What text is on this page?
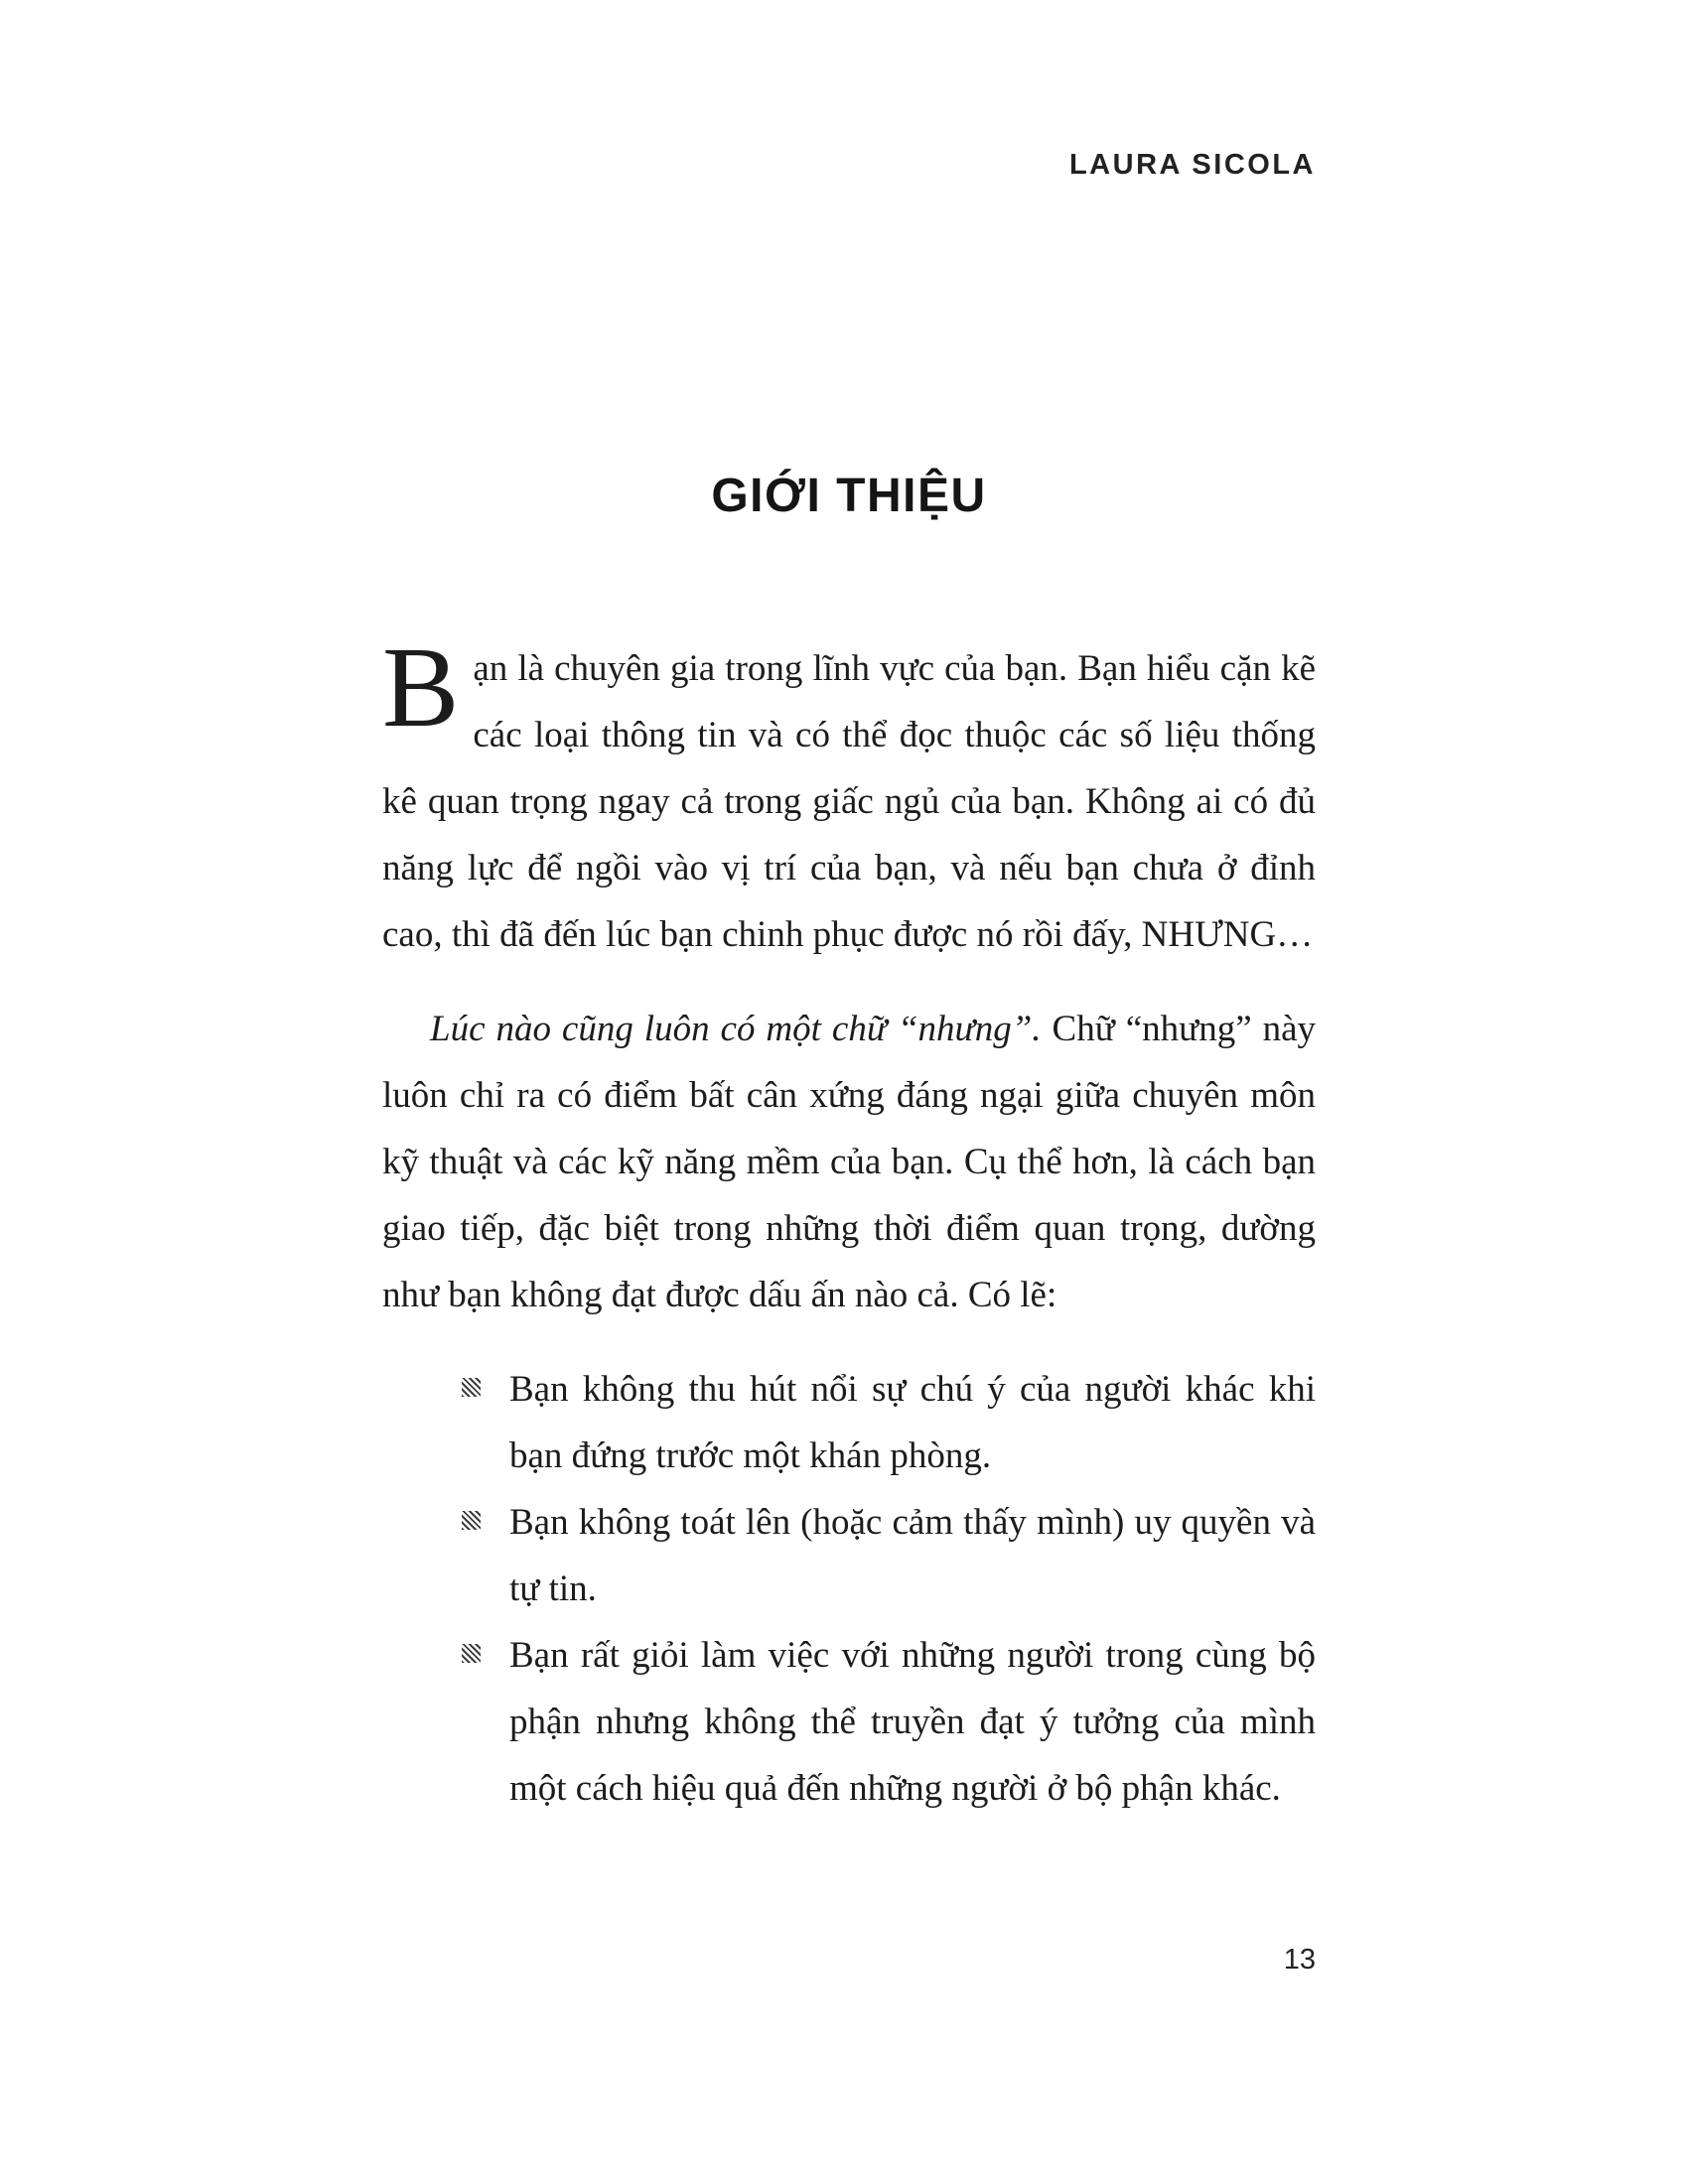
LAURA SICOLA
GIỚI THIỆU

Bạn là chuyên gia trong lĩnh vực của bạn. Bạn hiểu cặn kẽ các loại thông tin và có thể đọc thuộc các số liệu thống kê quan trọng ngay cả trong giấc ngủ của bạn. Không ai có đủ năng lực để ngồi vào vị trí của bạn, và nếu bạn chưa ở đỉnh cao, thì đã đến lúc bạn chinh phục được nó rồi đấy, NHƯNG…

Lúc nào cũng luôn có một chữ “nhưng”. Chữ “nhưng” này luôn chỉ ra có điểm bất cân xứng đáng ngại giữa chuyên môn kỹ thuật và các kỹ năng mềm của bạn. Cụ thể hơn, là cách bạn giao tiếp, đặc biệt trong những thời điểm quan trọng, dường như bạn không đạt được dấu ấn nào cả. Có lẽ:

Bạn không thu hút nổi sự chú ý của người khác khi bạn đứng trước một khán phòng.
Bạn không toát lên (hoặc cảm thấy mình) uy quyền và tự tin.
Bạn rất giỏi làm việc với những người trong cùng bộ phận nhưng không thể truyền đạt ý tưởng của mình một cách hiệu quả đến những người ở bộ phận khác.
13
